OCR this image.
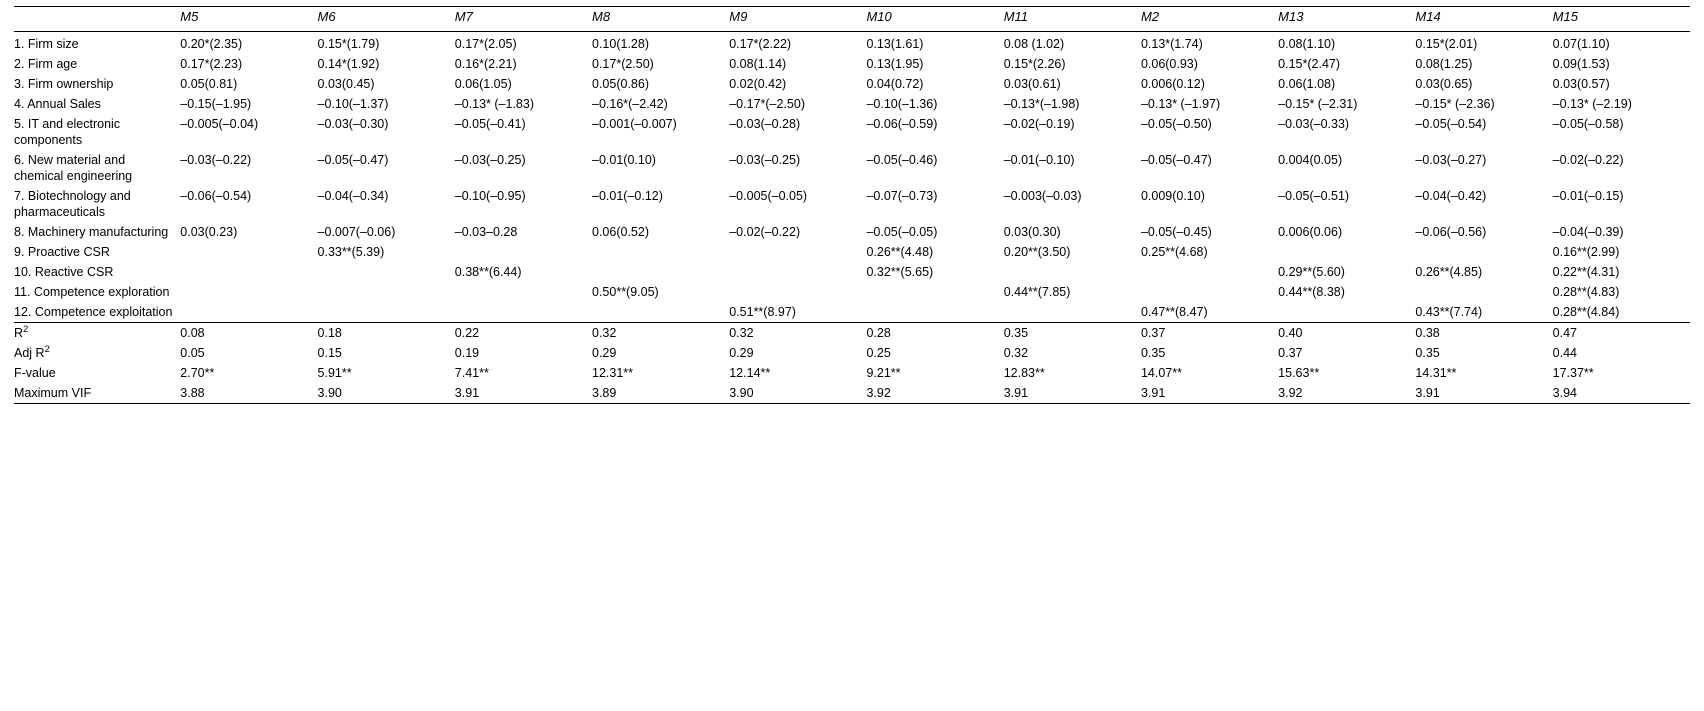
	M5	M6	M7	M8	M9	M10	M11	M2	M13	M14	M15
1. Firm size	0.20*(2.35)	0.15*(1.79)	0.17*(2.05)	0.10(1.28)	0.17*(2.22)	0.13(1.61)	0.08 (1.02)	0.13*(1.74)	0.08(1.10)	0.15*(2.01)	0.07(1.10)
2. Firm age	0.17*(2.23)	0.14*(1.92)	0.16*(2.21)	0.17*(2.50)	0.08(1.14)	0.13(1.95)	0.15*(2.26)	0.06(0.93)	0.15*(2.47)	0.08(1.25)	0.09(1.53)
3. Firm ownership	0.05(0.81)	0.03(0.45)	0.06(1.05)	0.05(0.86)	0.02(0.42)	0.04(0.72)	0.03(0.61)	0.006(0.12)	0.06(1.08)	0.03(0.65)	0.03(0.57)
4. Annual Sales	–0.15(–1.95)	–0.10(–1.37)	–0.13* (–1.83)	–0.16*(–2.42)	–0.17*(–2.50)	–0.10(–1.36)	–0.13*(–1.98)	–0.13* (–1.97)	–0.15* (–2.31)	–0.15* (–2.36)	–0.13* (–2.19)
5. IT and electronic components	–0.005(–0.04)	–0.03(–0.30)	–0.05(–0.41)	–0.001(–0.007)	–0.03(–0.28)	–0.06(–0.59)	–0.02(–0.19)	–0.05(–0.50)	–0.03(–0.33)	–0.05(–0.54)	–0.05(–0.58)
6. New material and chemical engineering	–0.03(–0.22)	–0.05(–0.47)	–0.03(–0.25)	–0.01(0.10)	–0.03(–0.25)	–0.05(–0.46)	–0.01(–0.10)	–0.05(–0.47)	0.004(0.05)	–0.03(–0.27)	–0.02(–0.22)
7. Biotechnology and pharmaceuticals	–0.06(–0.54)	–0.04(–0.34)	–0.10(–0.95)	–0.01(–0.12)	–0.005(–0.05)	–0.07(–0.73)	–0.003(–0.03)	0.009(0.10)	–0.05(–0.51)	–0.04(–0.42)	–0.01(–0.15)
8. Machinery manufacturing	0.03(0.23)	–0.007(–0.06)	–0.03–0.28	0.06(0.52)	–0.02(–0.22)	–0.05(–0.05)	0.03(0.30)	–0.05(–0.45)	0.006(0.06)	–0.06(–0.56)	–0.04(–0.39)
9. Proactive CSR		0.33**(5.39)				0.26**(4.48)	0.20**(3.50)	0.25**(4.68)			0.16**(2.99)
10. Reactive CSR			0.38**(6.44)			0.32**(5.65)			0.29**(5.60)	0.26**(4.85)	0.22**(4.31)
11. Competence exploration				0.50**(9.05)			0.44**(7.85)		0.44**(8.38)		0.28**(4.83)
12. Competence exploitation					0.51**(8.97)			0.47**(8.47)		0.43**(7.74)	0.28**(4.84)
$R^2$	0.08	0.18	0.22	0.32	0.32	0.28	0.35	0.37	0.40	0.38	0.47
Adj $R^2$	0.05	0.15	0.19	0.29	0.29	0.25	0.32	0.35	0.37	0.35	0.44
F-value	2.70**	5.91**	7.41**	12.31**	12.14**	9.21**	12.83**	14.07**	15.63**	14.31**	17.37**
Maximum VIF	3.88	3.90	3.91	3.89	3.90	3.92	3.91	3.91	3.92	3.91	3.94
